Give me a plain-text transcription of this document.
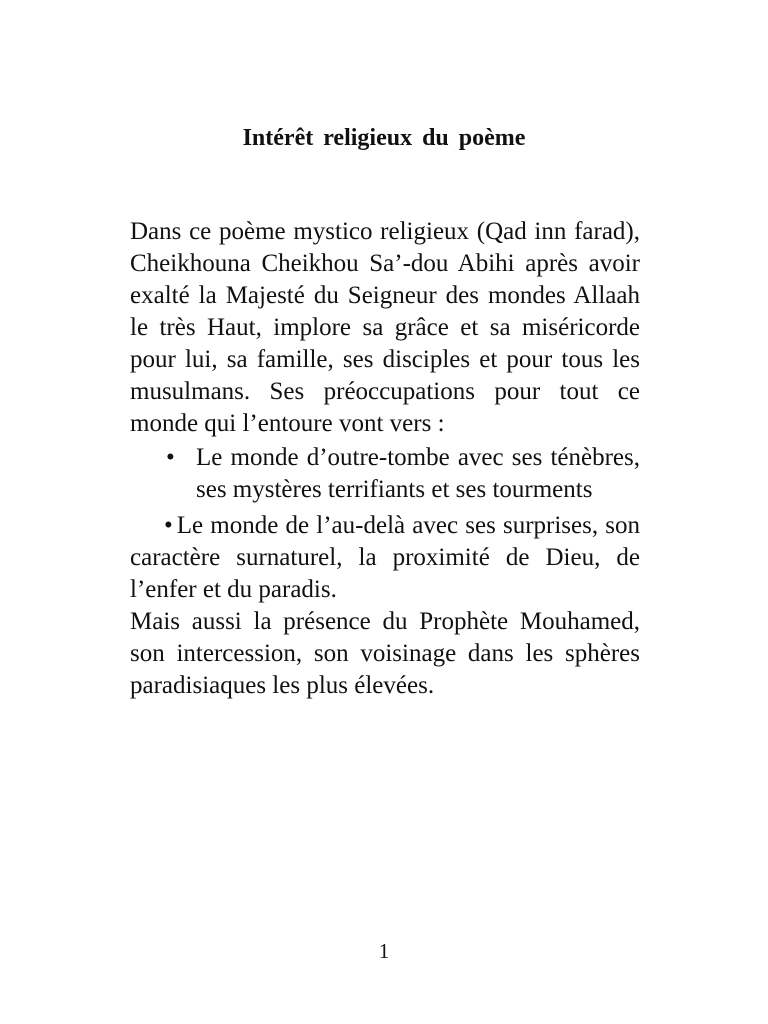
Intérêt religieux du poème

Dans ce poème mystico religieux (Qad inn farad), Cheikhouna Cheikhou Sa’-dou Abihi après avoir exalté la Majesté du Seigneur des mondes Allaah le très Haut, implore sa grâce et sa miséricorde pour lui, sa famille, ses disciples et pour tous les musulmans. Ses préoccupations pour tout ce monde qui l’entoure vont vers :

• Le monde d’outre-tombe avec ses ténèbres, ses mystères terrifiants et ses tourments

• Le monde de l’au-delà avec ses surprises, son caractère surnaturel, la proximité de Dieu, de l’enfer et du paradis.

Mais aussi la présence du Prophète Mouhamed, son intercession, son voisinage dans les sphères paradisiaques les plus élevées.

1
